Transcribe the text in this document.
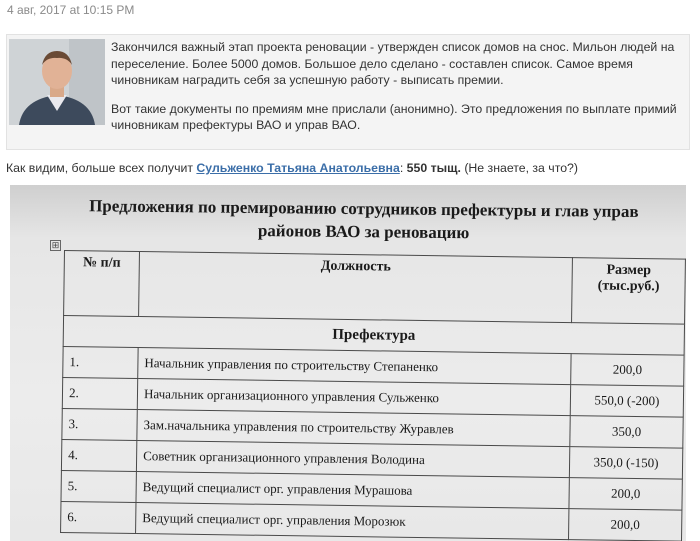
4 авг, 2017 at 10:15 PM

Закончился важный этап проекта реновации - утвержден список домов на снос. Мильон людей на переселение. Более 5000 домов. Большое дело сделано - составлен список. Самое время чиновникам наградить себя за успешную работу - выписать премии.

Вот такие документы по премиям мне прислали (анонимно). Это предложения по выплате примий чиновникам префектуры ВАО и управ ВАО.

Как видим, больше всех получит Сульженко Татьяна Анатольевна: 550 тыщ. (Не знаете, за что?)
Предложения по премированию сотрудников префектуры и глав управ районов ВАО за реновацию
⊞
№ п/п	Должность	Размер (тыс.руб.)
Префектура		
1.	Начальник управления по строительству Степаненко	200,0
2.	Начальник организационного управления Сульженко	550,0 (-200)
3.	Зам.начальника управления по строительству Журавлев	350,0
4.	Советник организационного управления Володина	350,0 (-150)
5.	Ведущий специалист орг. управления Мурашова	200,0
6.	Ведущий специалист орг. управления Морозюк	200,0
